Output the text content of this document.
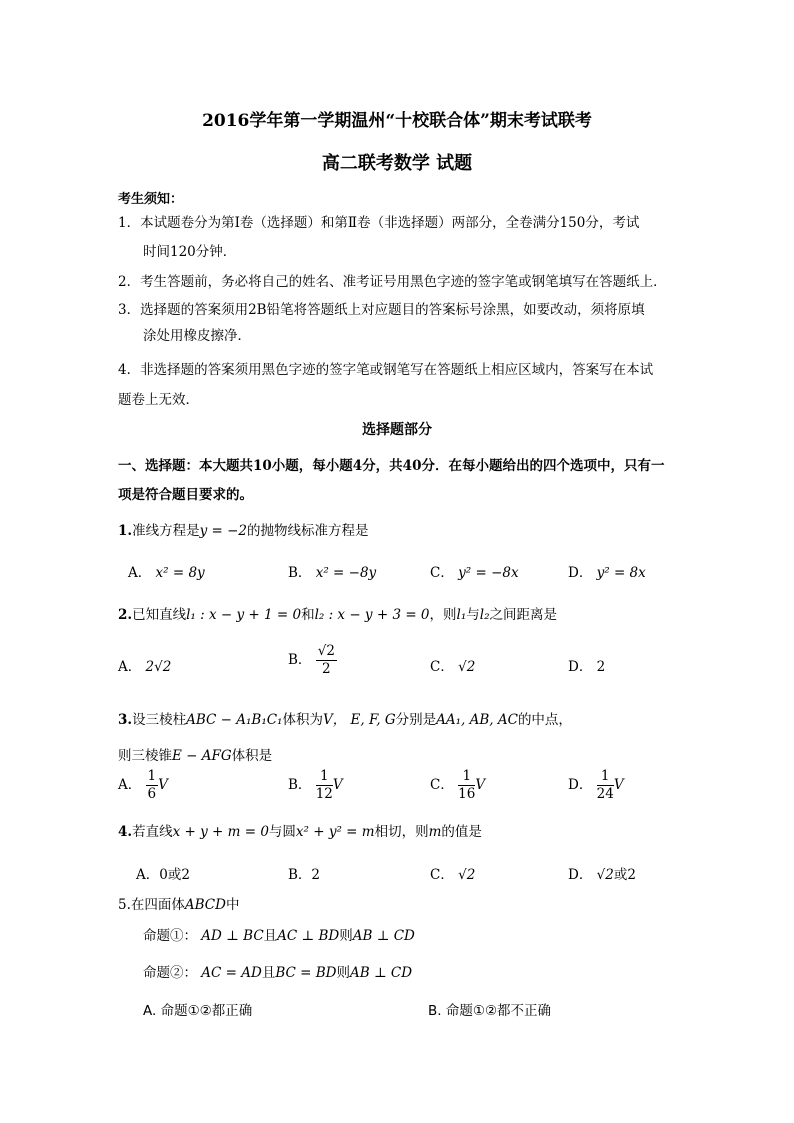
2016学年第一学期温州“十校联合体”期末考试联考
高二联考数学 试题
考生须知：
1．本试题卷分为第Ⅰ卷（选择题）和第Ⅱ卷（非选择题）两部分，全卷满分150分，考试
时间120分钟．
2．考生答题前，务必将自己的姓名、准考证号用黑色字迹的签字笔或钢笔填写在答题纸上．
3．选择题的答案须用2B铅笔将答题纸上对应题目的答案标号涂黑，如要改动，须将原填
涂处用橡皮擦净．
4．非选择题的答案须用黑色字迹的签字笔或钢笔写在答题纸上相应区域内，答案写在本试
题卷上无效．
选择题部分
一、选择题：本大题共10小题，每小题4分，共40分．在每小题给出的四个选项中，只有一
项是符合题目要求的。
1.准线方程是y = −2的抛物线标准方程是
A． x² = 8y	B． x² = −8y	C． y² = −8x	D． y² = 8x
2.已知直线l₁ : x − y + 1 = 0和l₂ : x − y + 3 = 0，则l₁与l₂之间距离是
A． 2√2	B． $\frac{√2}{2}$	C． √2	D． 2
3.设三棱柱ABC − A₁B₁C₁体积为V， E, F, G分别是AA₁, AB, AC的中点，
则三棱锥E − AFG体积是
A． $\frac{1}{6}$ V	B． $\frac{1}{12}$ V	C． $\frac{1}{16}$ V	D． $\frac{1}{24}$ V
4.若直线x + y + m = 0与圆x² + y² = m相切，则m的值是
A．0或2	B．2	C． √2	D． √2或2
5.在四面体ABCD中
命题①： AD ⊥ BC且AC ⊥ BD则AB ⊥ CD
命题②： AC = AD且BC = BD则AB ⊥ CD
A. 命题①②都正确	B. 命题①②都不正确
